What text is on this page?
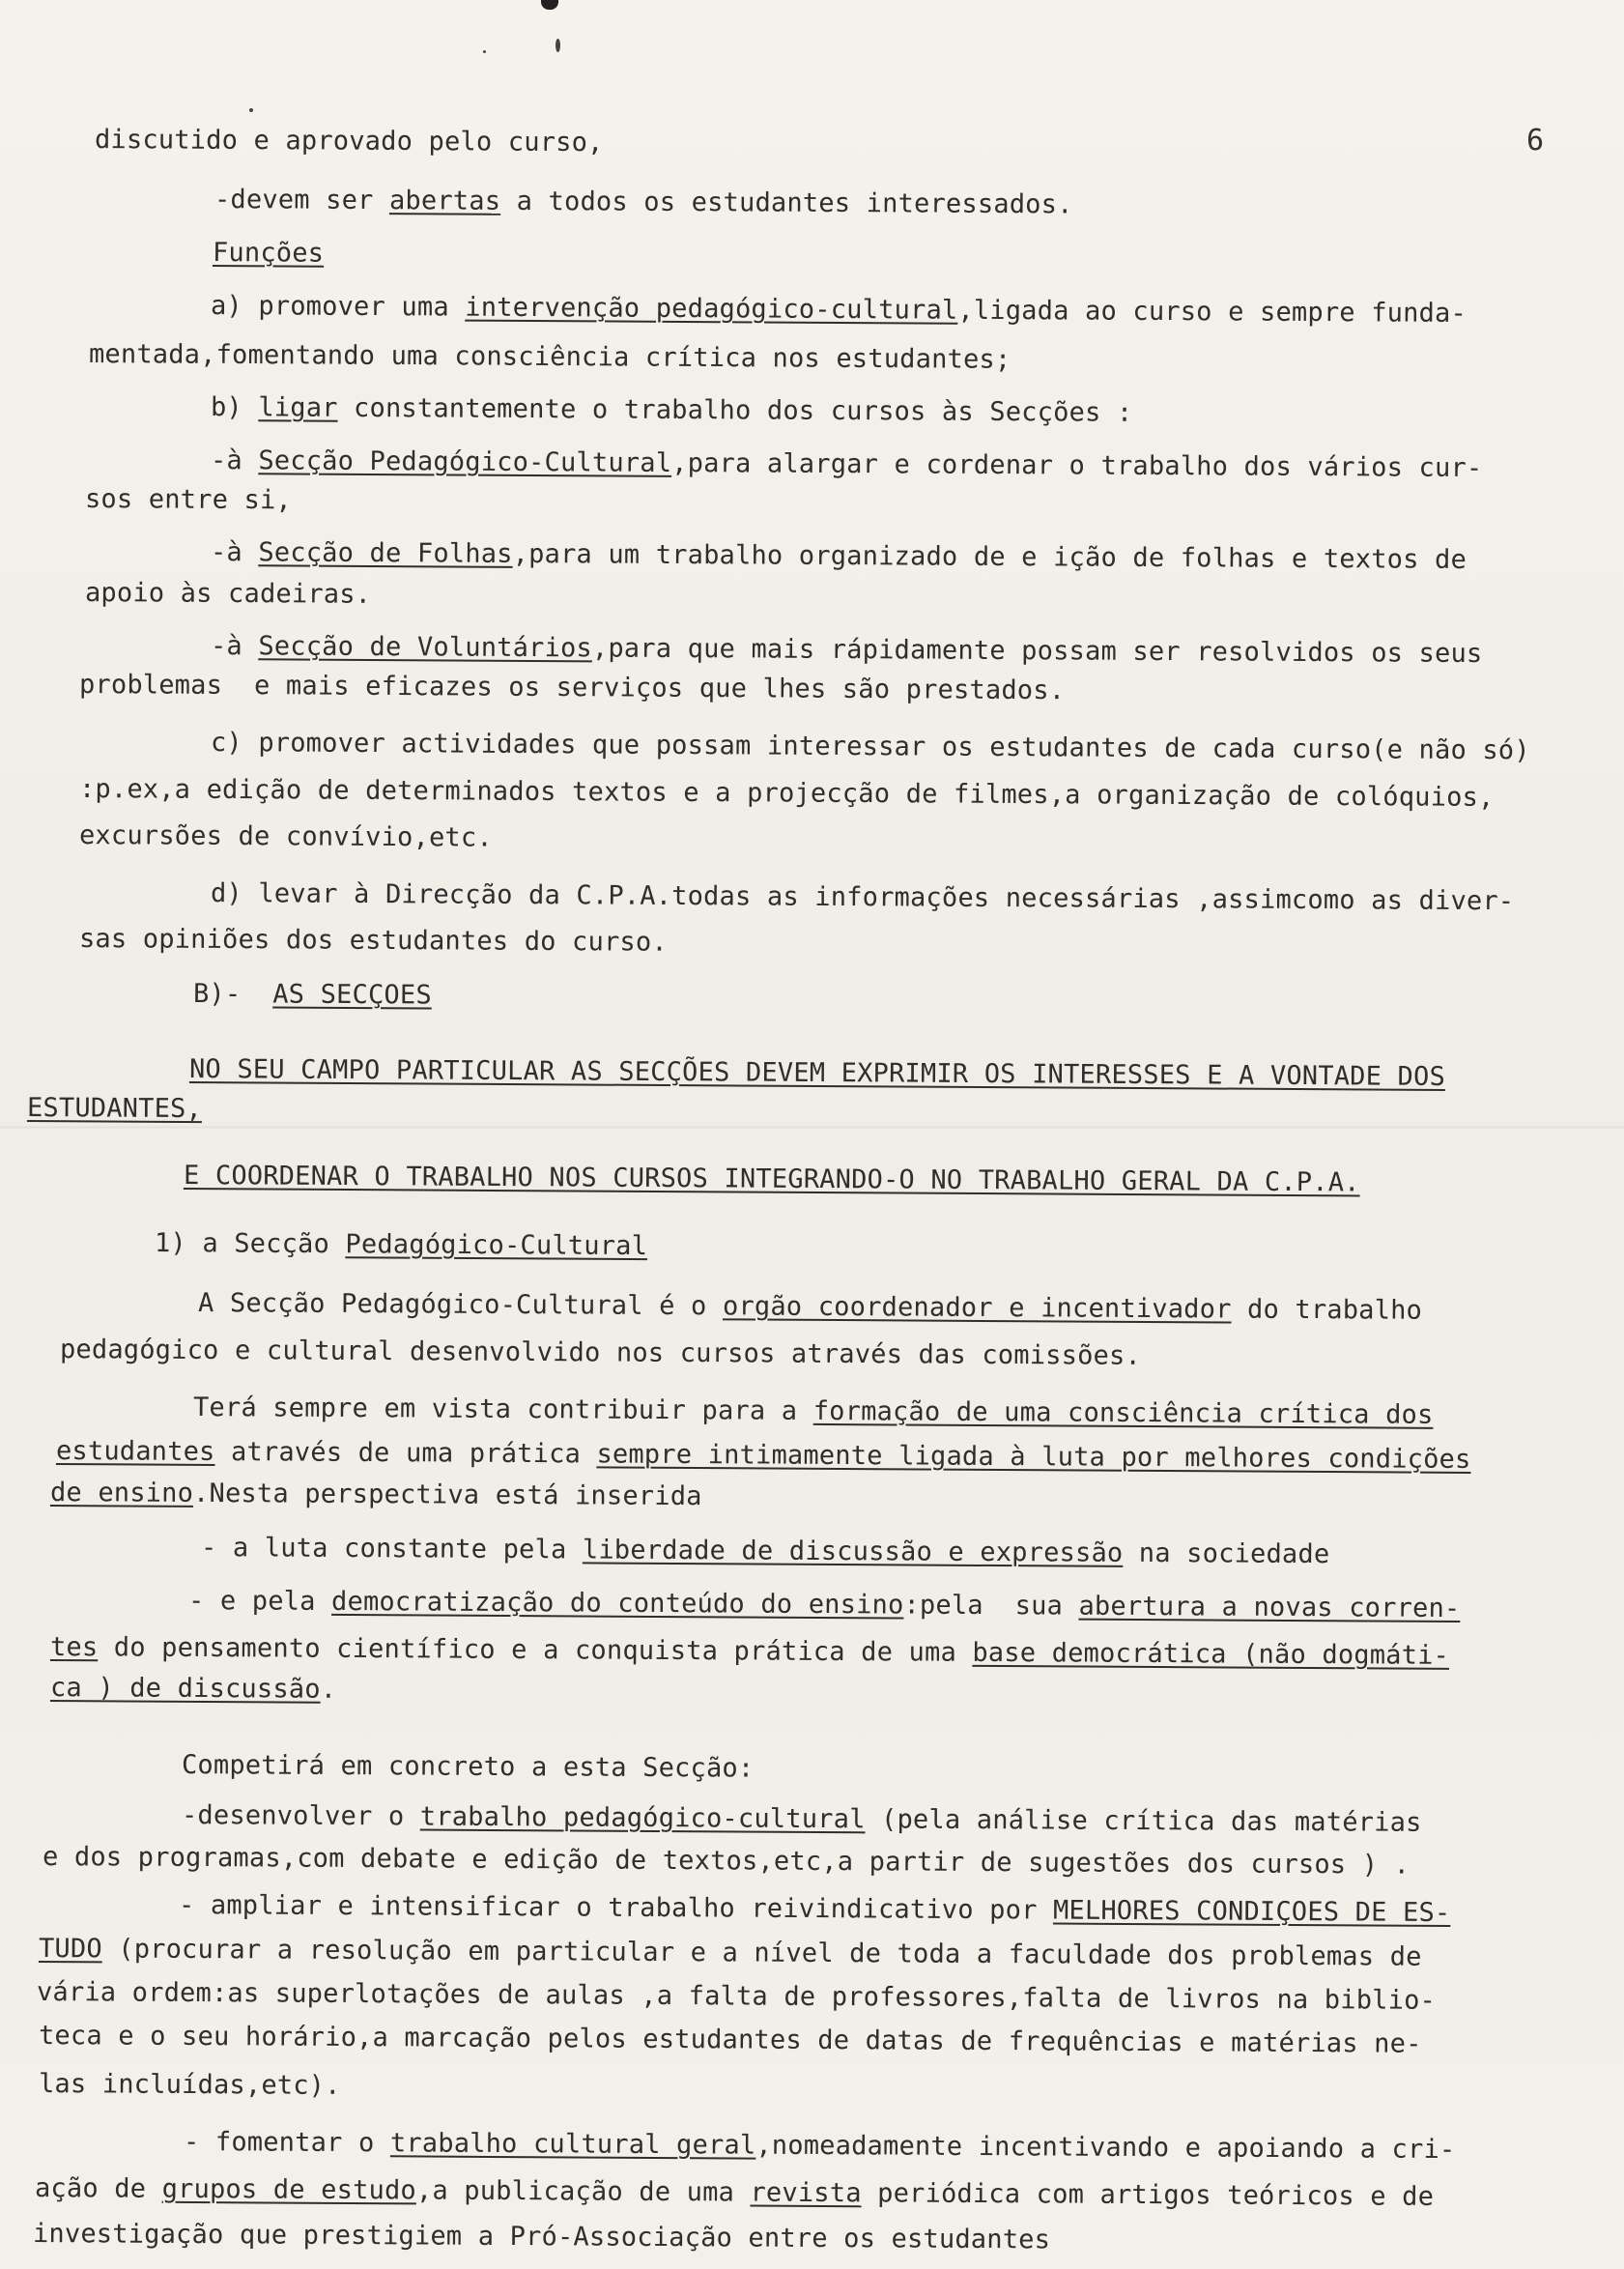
6
discutido e aprovado pelo curso,
-devem ser abertas a todos os estudantes interessados.
Funções
a) promover uma intervenção pedagógico-cultural,ligada ao curso e sempre funda-
mentada,fomentando uma consciência crítica nos estudantes;
b) ligar constantemente o trabalho dos cursos às Secções :
-à Secção Pedagógico-Cultural,para alargar e cordenar o trabalho dos vários cur-
sos entre si,
-à Secção de Folhas,para um trabalho organizado de e ição de folhas e textos de
apoio às cadeiras.
-à Secção de Voluntários,para que mais rápidamente possam ser resolvidos os seus
problemas  e mais eficazes os serviços que lhes são prestados.
c) promover actividades que possam interessar os estudantes de cada curso(e não só)
:p.ex,a edição de determinados textos e a projecção de filmes,a organização de colóquios,
excursões de convívio,etc.
d) levar à Direcção da C.P.A.todas as informações necessárias ,assimcomo as diver-
sas opiniões dos estudantes do curso.
B)-  AS SECÇOES
NO SEU CAMPO PARTICULAR AS SECÇÕES DEVEM EXPRIMIR OS INTERESSES E A VONTADE DOS
ESTUDANTES,
E COORDENAR O TRABALHO NOS CURSOS INTEGRANDO-O NO TRABALHO GERAL DA C.P.A.
1) a Secção Pedagógico-Cultural
A Secção Pedagógico-Cultural é o orgão coordenador e incentivador do trabalho
pedagógico e cultural desenvolvido nos cursos através das comissões.
Terá sempre em vista contribuir para a formação de uma consciência crítica dos
estudantes através de uma prática sempre intimamente ligada à luta por melhores condições
de ensino.Nesta perspectiva está inserida
- a luta constante pela liberdade de discussão e expressão na sociedade
- e pela democratização do conteúdo do ensino:pela  sua abertura a novas corren-
tes do pensamento científico e a conquista prática de uma base democrática (não dogmáti-
ca ) de discussão.
Competirá em concreto a esta Secção:
-desenvolver o trabalho pedagógico-cultural (pela análise crítica das matérias
e dos programas,com debate e edição de textos,etc,a partir de sugestões dos cursos ) .
- ampliar e intensificar o trabalho reivindicativo por MELHORES CONDIÇOES DE ES-
TUDO (procurar a resolução em particular e a nível de toda a faculdade dos problemas de
vária ordem:as superlotações de aulas ,a falta de professores,falta de livros na biblio-
teca e o seu horário,a marcação pelos estudantes de datas de frequências e matérias ne-
las incluídas,etc).
- fomentar o trabalho cultural geral,nomeadamente incentivando e apoiando a cri-
ação de grupos de estudo,a publicação de uma revista periódica com artigos teóricos e de
investigação que prestigiem a Pró-Associação entre os estudantes
